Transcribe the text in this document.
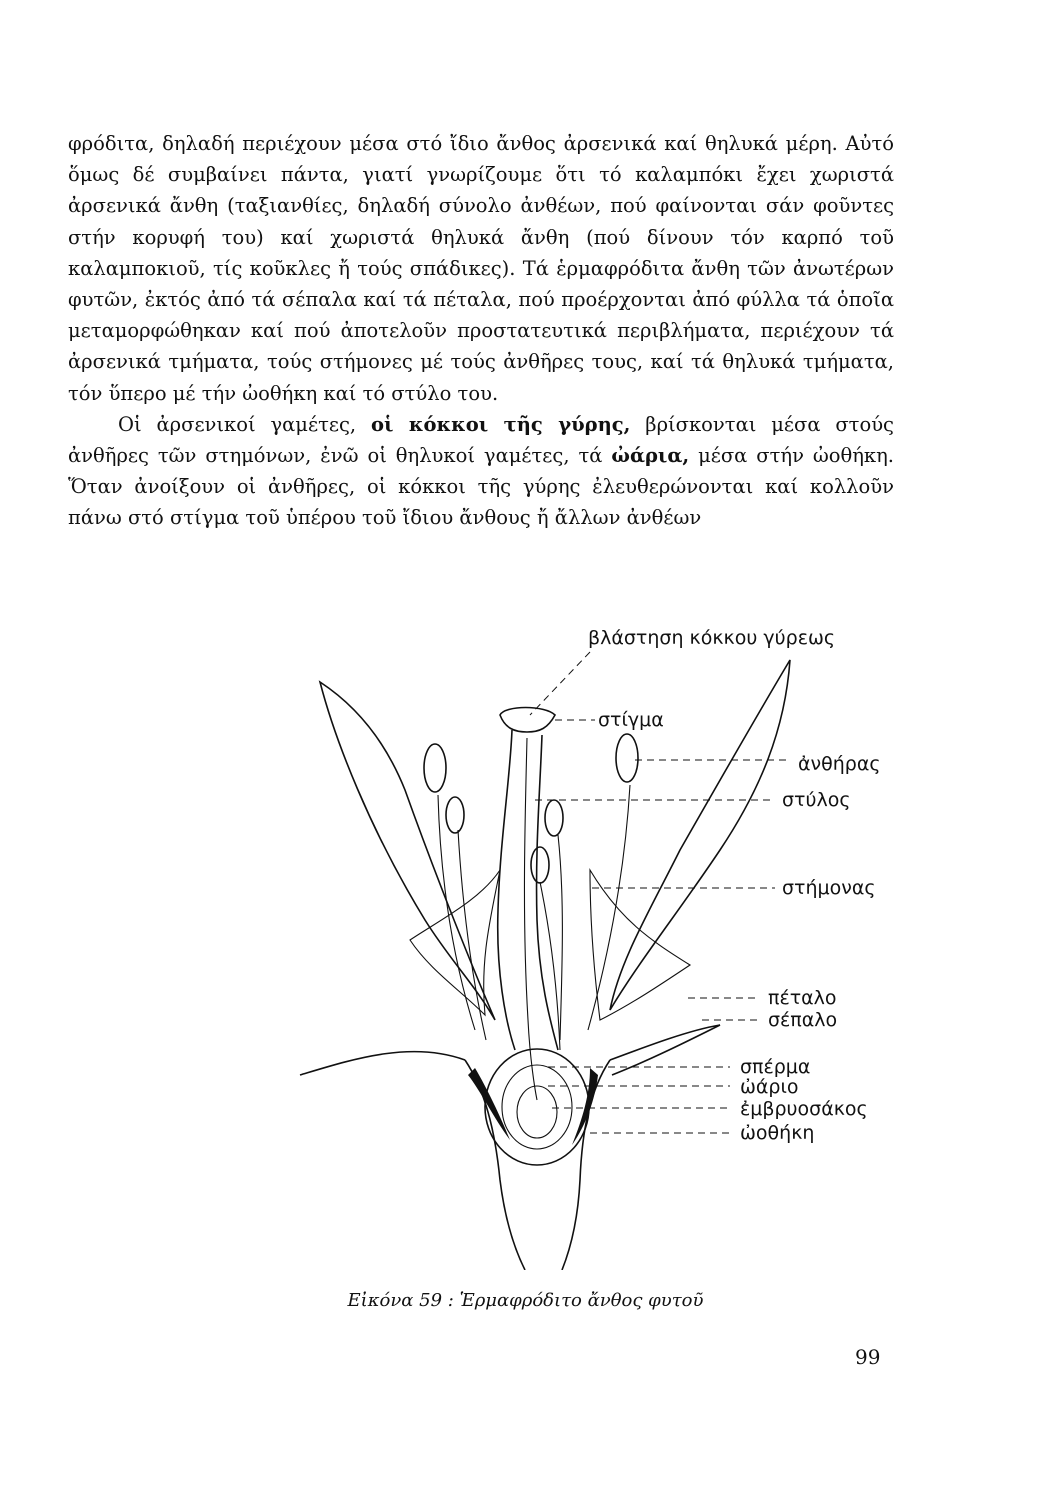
φρόδιτα, δηλαδή περιέχουν μέσα στό ἴδιο ἄνθος ἀρσενικά καί θηλυκά μέρη. Αὐτό ὅμως δέ συμβαίνει πάντα, γιατί γνωρίζουμε ὅτι τό καλαμπόκι ἔχει χωριστά ἀρσενικά ἄνθη (ταξιανθίες, δηλαδή σύνολο ἀνθέων, πού φαίνονται σάν φοῦντες στήν κορυφή του) καί χωριστά θηλυκά ἄνθη (πού δίνουν τόν καρπό τοῦ καλαμποκιοῦ, τίς κοῦκλες ἤ τούς σπάδικες). Τά ἑρμαφρόδιτα ἄνθη τῶν ἀνωτέρων φυτῶν, ἐκτός ἀπό τά σέπαλα καί τά πέταλα, πού προέρχονται ἀπό φύλλα τά ὁποῖα μεταμορφώθηκαν καί πού ἀποτελοῦν προστατευτικά περιβλήματα, περιέχουν τά ἀρσενικά τμήματα, τούς στήμονες μέ τούς ἀνθῆρες τους, καί τά θηλυκά τμήματα, τόν ὕπερο μέ τήν ὠοθήκη καί τό στύλο του.

Οἱ ἀρσενικοί γαμέτες, οἱ κόκκοι τῆς γύρης, βρίσκονται μέσα στούς ἀνθῆρες τῶν στημόνων, ἐνῶ οἱ θηλυκοί γαμέτες, τά ὠάρια, μέσα στήν ὠοθήκη. Ὅταν ἀνοίξουν οἱ ἀνθῆρες, οἱ κόκκοι τῆς γύρης ἐλευθερώνονται καί κολλοῦν πάνω στό στίγμα τοῦ ὑπέρου τοῦ ἴδιου ἄνθους ἤ ἄλλων ἀνθέων

βλάστηση κόκκου γύρεως
στίγμα
ἀνθήρας
στύλος
στήμονας
πέταλο
σέπαλο
σπέρμα
ὠάριο
ἐμβρυοσάκος
ὠοθήκη
Εἰκόνα 59 : Ἑρμαφρόδιτο ἄνθος φυτοῦ
99
